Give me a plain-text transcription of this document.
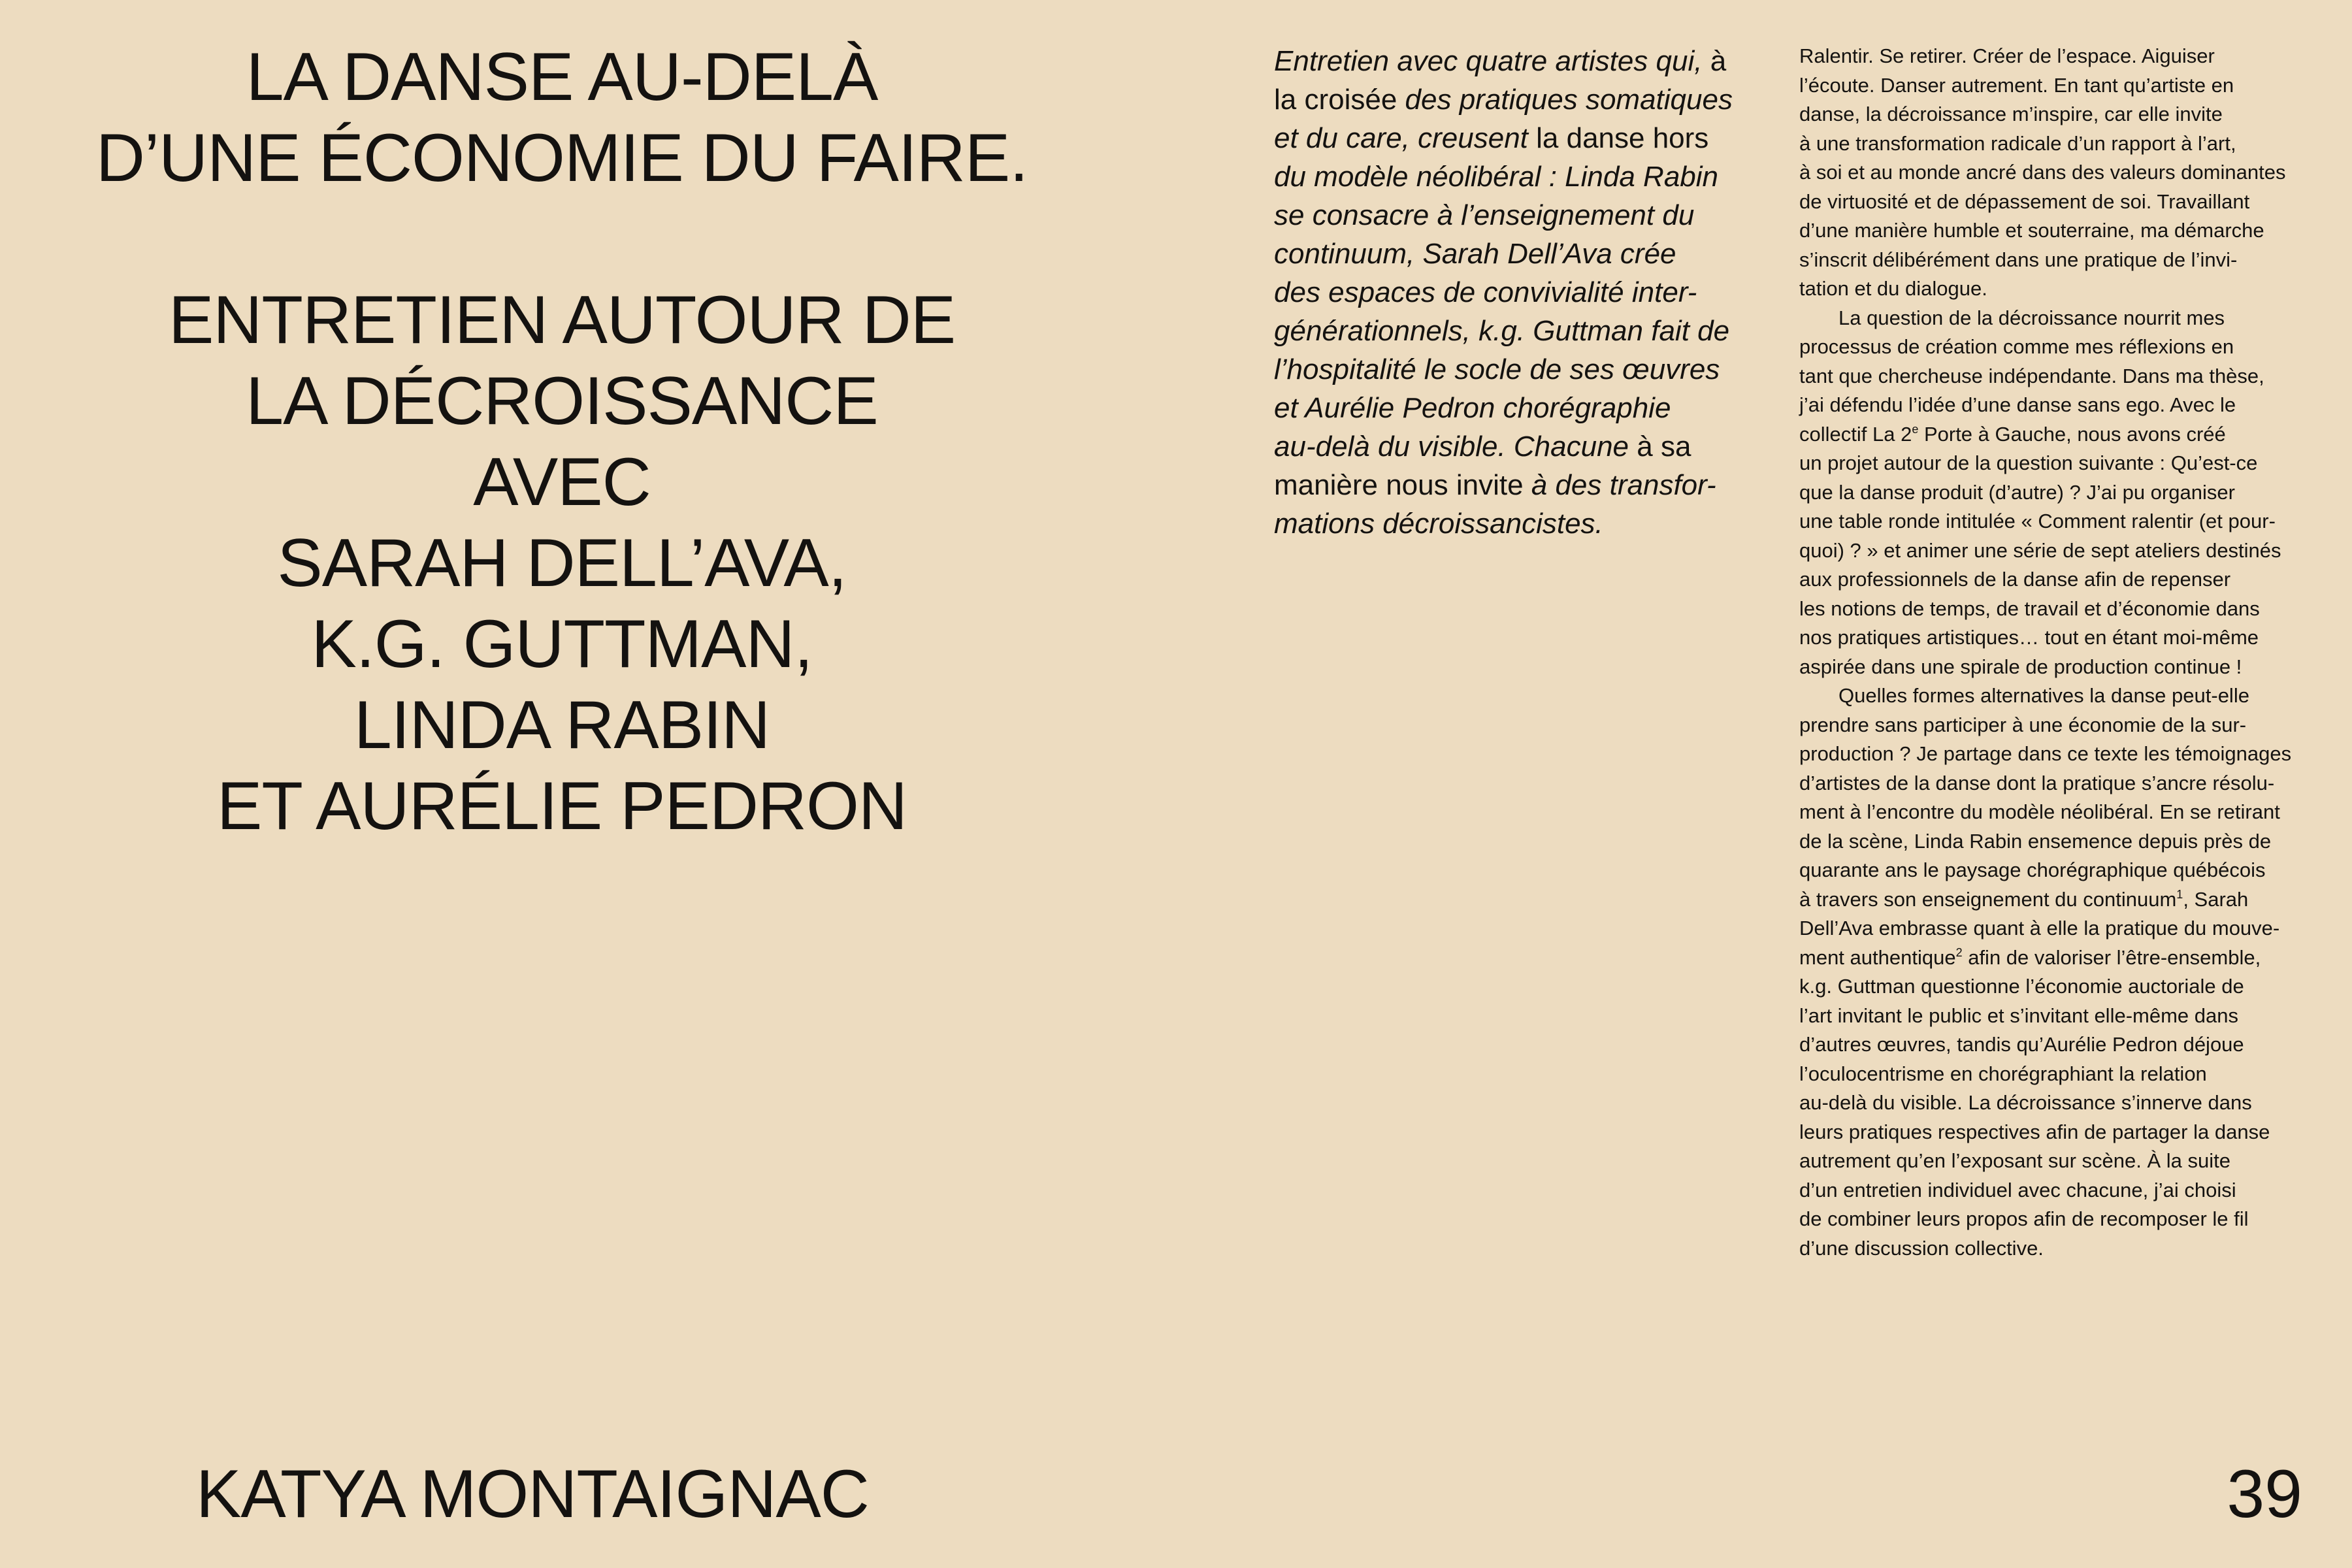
LA DANSE AU-DELÀ
D’UNE ÉCONOMIE DU FAIRE.
ENTRETIEN AUTOUR DE
LA DÉCROISSANCE
AVEC
SARAH DELL’AVA,
K.G. GUTTMAN,
LINDA RABIN
ET AURÉLIE PEDRON
KATYA MONTAIGNAC	39
Entretien avec quatre artistes qui, à
la croisée des pratiques somatiques
et du care, creusent la danse hors
du modèle néolibéral : Linda Rabin
se consacre à l’enseignement du
continuum, Sarah Dell’Ava crée
des espaces de convivialité inter-
générationnels, k.g. Guttman fait de
l’hospitalité le socle de ses œuvres
et Aurélie Pedron chorégraphie
au-delà du visible. Chacune à sa
manière nous invite à des transfor-
mations décroissancistes.
Ralentir. Se retirer. Créer de l’espace. Aiguiser
l’écoute. Danser autrement. En tant qu’artiste en
danse, la décroissance m’inspire, car elle invite
à une transformation radicale d’un rapport à l’art,
à soi et au monde ancré dans des valeurs dominantes
de virtuosité et de dépassement de soi. Travaillant
d’une manière humble et souterraine, ma démarche
s’inscrit délibérément dans une pratique de l’invi-
tation et du dialogue.
La question de la décroissance nourrit mes
processus de création comme mes réflexions en
tant que chercheuse indépendante. Dans ma thèse,
j’ai défendu l’idée d’une danse sans ego. Avec le
collectif La 2e Porte à Gauche, nous avons créé
un projet autour de la question suivante : Qu’est-ce
que la danse produit (d’autre) ? J’ai pu organiser
une table ronde intitulée « Comment ralentir (et pour-
quoi) ? » et animer une série de sept ateliers destinés
aux professionnels de la danse afin de repenser
les notions de temps, de travail et d’économie dans
nos pratiques artistiques… tout en étant moi-même
aspirée dans une spirale de production continue !
Quelles formes alternatives la danse peut-elle
prendre sans participer à une économie de la sur-
production ? Je partage dans ce texte les témoignages
d’artistes de la danse dont la pratique s’ancre résolu-
ment à l’encontre du modèle néolibéral. En se retirant
de la scène, Linda Rabin ensemence depuis près de
quarante ans le paysage chorégraphique québécois
à travers son enseignement du continuum$^1$, Sarah
Dell’Ava embrasse quant à elle la pratique du mouve-
ment authentique$^2$ afin de valoriser l’être-ensemble,
k.g. Guttman questionne l’économie auctoriale de
l’art invitant le public et s’invitant elle-même dans
d’autres œuvres, tandis qu’Aurélie Pedron déjoue
l’oculocentrisme en chorégraphiant la relation
au-delà du visible. La décroissance s’innerve dans
leurs pratiques respectives afin de partager la danse
autrement qu’en l’exposant sur scène. À la suite
d’un entretien individuel avec chacune, j’ai choisi
de combiner leurs propos afin de recomposer le fil
d’une discussion collective.
